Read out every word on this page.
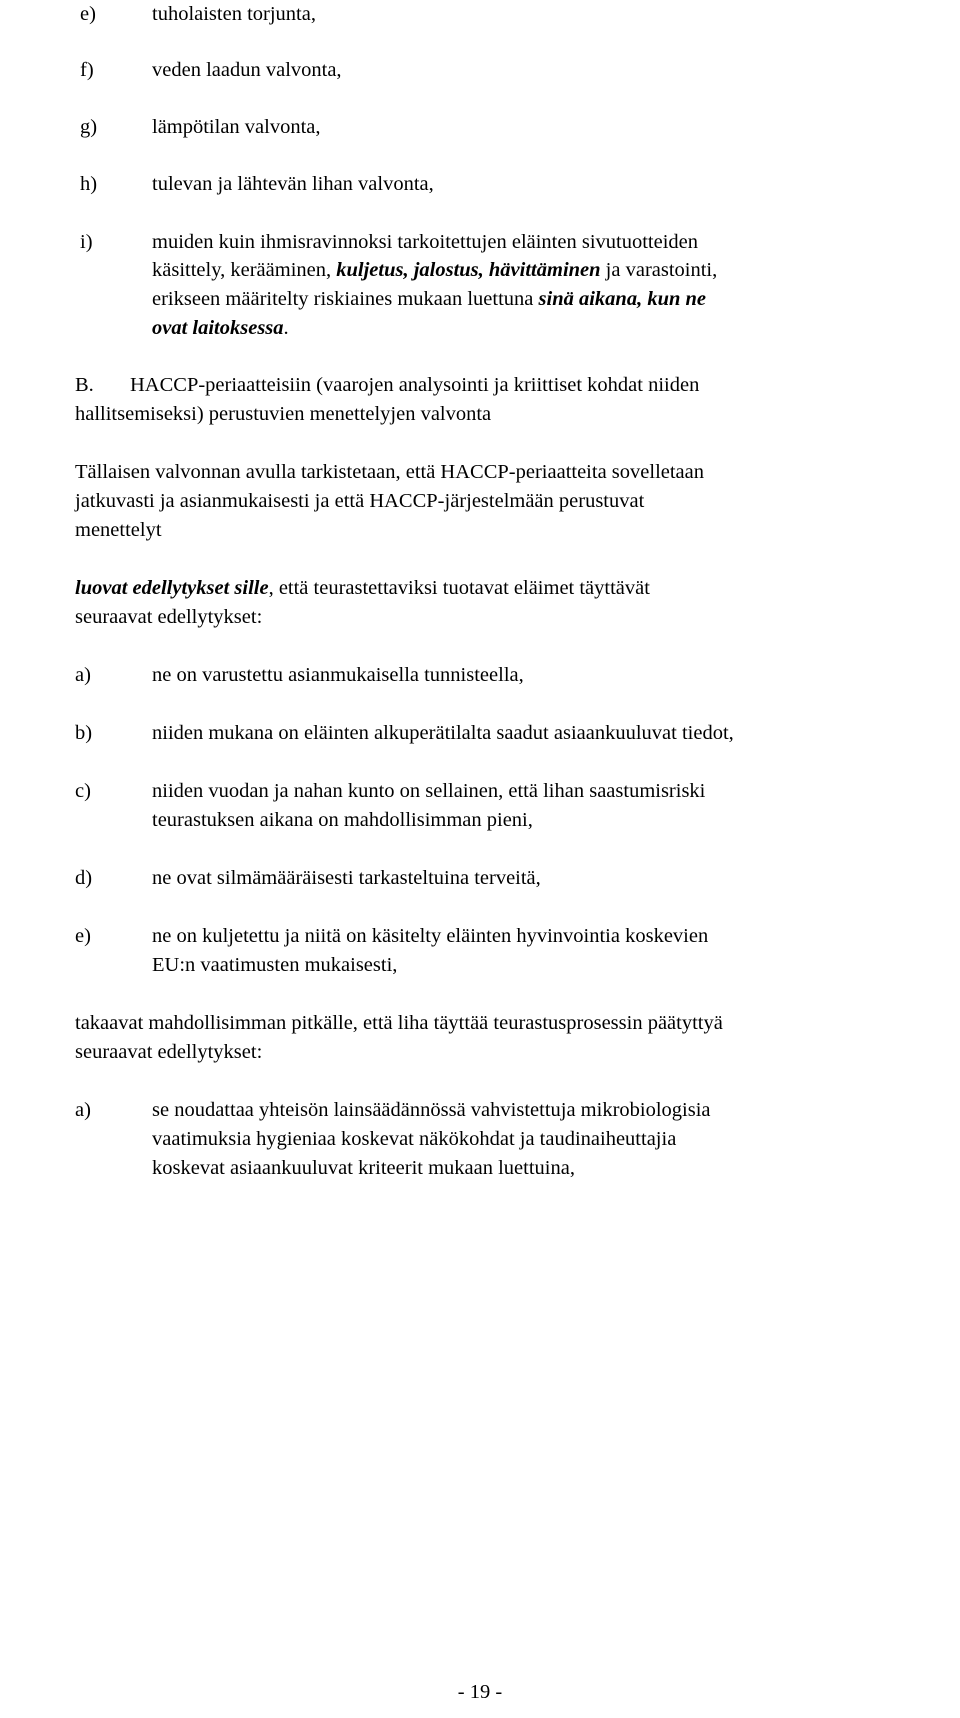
e)	tuholaisten torjunta,
f)	veden laadun valvonta,
g)	lämpötilan valvonta,
h)	tulevan ja lähtevän lihan valvonta,
i)	muiden kuin ihmisravinnoksi tarkoitettujen eläinten sivutuotteiden
käsittely, kerääminen, kuljetus, jalostus, hävittäminen ja varastointi,
erikseen määritelty riskiaines mukaan luettuna sinä aikana, kun ne
ovat laitoksessa.
B. HACCP-periaatteisiin (vaarojen analysointi ja kriittiset kohdat niiden
hallitsemiseksi) perustuvien menettelyjen valvonta
Tällaisen valvonnan avulla tarkistetaan, että HACCP-periaatteita sovelletaan
jatkuvasti ja asianmukaisesti ja että HACCP-järjestelmään perustuvat
menettelyt
luovat edellytykset sille, että teurastettaviksi tuotavat eläimet täyttävät
seuraavat edellytykset:
a)	ne on varustettu asianmukaisella tunnisteella,
b)	niiden mukana on eläinten alkuperätilalta saadut asiaankuuluvat tiedot,
c)	niiden vuodan ja nahan kunto on sellainen, että lihan saastumisriski
teurastuksen aikana on mahdollisimman pieni,
d)	ne ovat silmämääräisesti tarkasteltuina terveitä,
e)	ne on kuljetettu ja niitä on käsitelty eläinten hyvinvointia koskevien
EU:n vaatimusten mukaisesti,
takaavat mahdollisimman pitkälle, että liha täyttää teurastusprosessin päätyttyä
seuraavat edellytykset:
a)	se noudattaa yhteisön lainsäädännössä vahvistettuja mikrobiologisia
vaatimuksia hygieniaa koskevat näkökohdat ja taudinaiheuttajia
koskevat asiaankuuluvat kriteerit mukaan luettuina,
- 19 -
